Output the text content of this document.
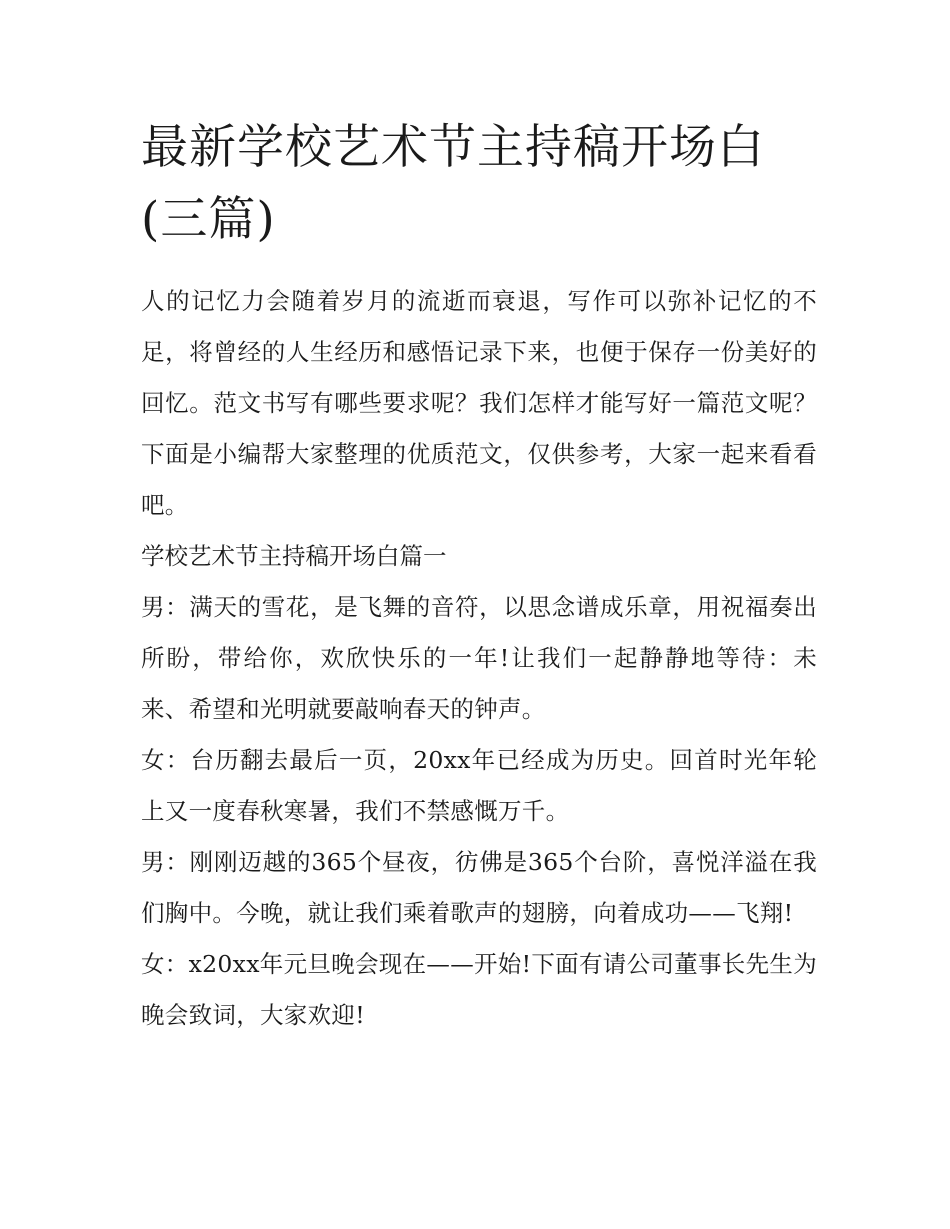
最新学校艺术节主持稿开场白(三篇)

人的记忆力会随着岁月的流逝而衰退，写作可以弥补记忆的不足，将曾经的人生经历和感悟记录下来，也便于保存一份美好的回忆。范文书写有哪些要求呢？我们怎样才能写好一篇范文呢？下面是小编帮大家整理的优质范文，仅供参考，大家一起来看看吧。

学校艺术节主持稿开场白篇一

男：满天的雪花，是飞舞的音符，以思念谱成乐章，用祝福奏出所盼，带给你，欢欣快乐的一年!让我们一起静静地等待：未来、希望和光明就要敲响春天的钟声。

女：台历翻去最后一页，20xx年已经成为历史。回首时光年轮上又一度春秋寒暑，我们不禁感慨万千。

男：刚刚迈越的365个昼夜，彷佛是365个台阶，喜悦洋溢在我们胸中。今晚，就让我们乘着歌声的翅膀，向着成功——飞翔!

女：x20xx年元旦晚会现在——开始!下面有请公司董事长先生为晚会致词，大家欢迎!
